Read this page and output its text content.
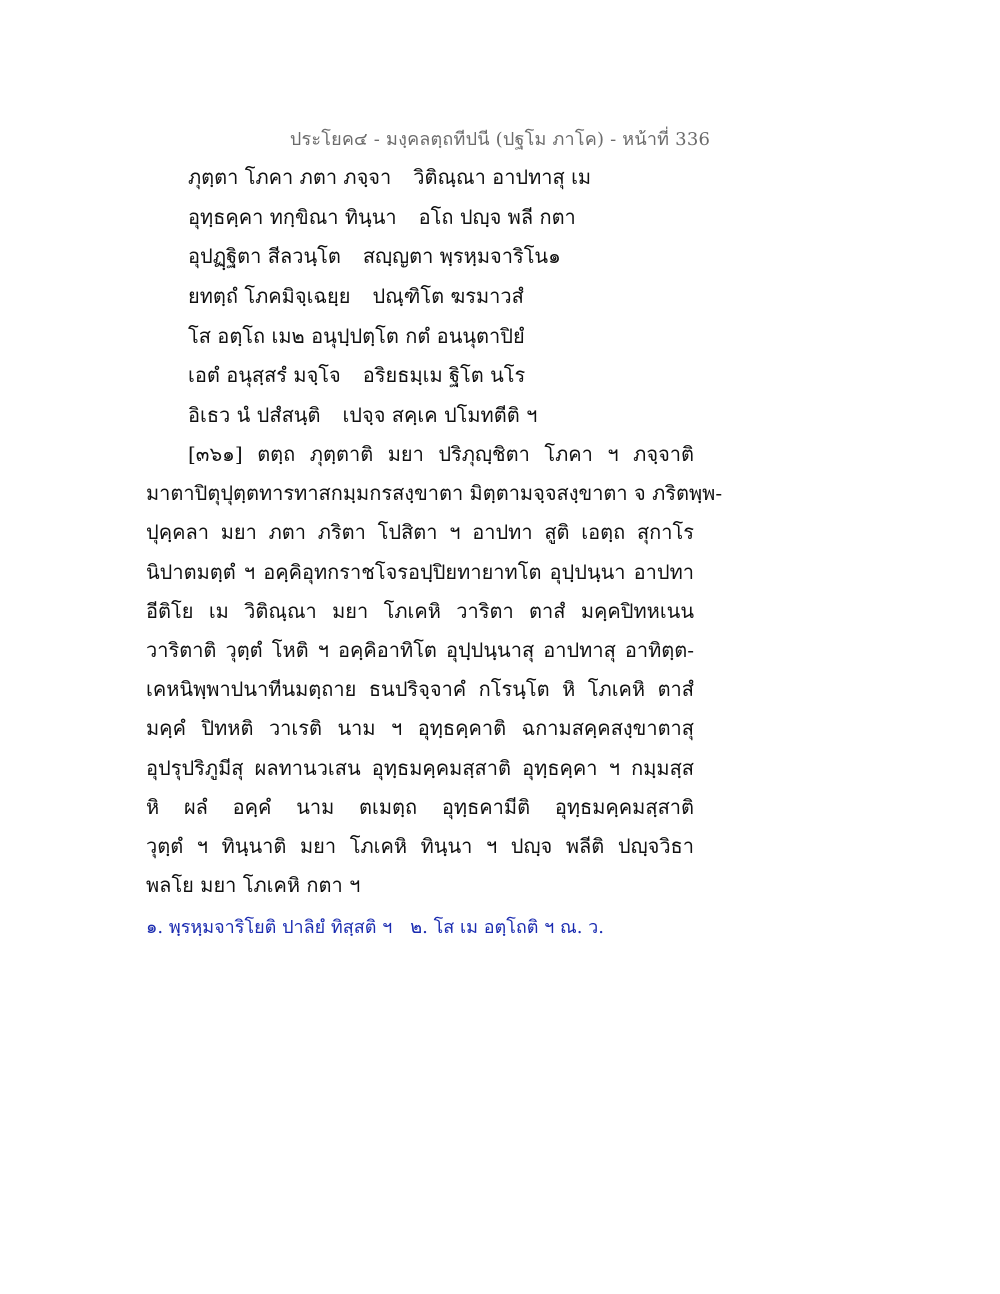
ประโยค๔ - มงฺคลตฺถทีปนี (ปฐโม ภาโค) - หน้าที่ 336
ภุตฺตา โภคา ภตา ภจฺจา วิติณฺณา อาปทาสุ เม
อุทฺธคฺคา ทกฺขิณา ทินฺนา อโถ ปญฺจ พลี กตา
อุปฏฺฐิตา สีลวนฺโต สญฺญตา พฺรหฺมจาริโน๑
ยทตฺถํ โภคมิจฺเฉยฺย ปณฺฑิโต ฆรมาวสํ
โส อตฺโถ เม๒ อนุปฺปตฺโต กตํ อนนุตาปิยํ
เอตํ อนุสฺสรํ มจฺโจ อริยธมฺเม ฐิโต นโร
อิเธว นํ ปสํสนฺติ เปจฺจ สคฺเค ปโมทตีติ ฯ
[๓๖๑] ตตฺถ ภุตฺตาติ มยา ปริภุญฺชิตา โภคา ฯ ภจฺจาติ
มาตาปิตุปุตฺตทารทาสกมฺมกรสงฺขาตา มิตฺตามจฺจสงฺขาตา จ ภริตพฺพ-
ปุคฺคลา มยา ภตา ภริตา โปสิตา ฯ อาปทา สูติ เอตฺถ สุกาโร
นิปาตมตฺตํ ฯ อคฺคิอุทกราชโจรอปฺปิยทายาทโต อุปฺปนฺนา อาปทา
อีติโย เม วิติณฺณา มยา โภเคหิ วาริตา ตาสํ มคฺคปิทหเนน
วาริตาติ วุตฺตํ โหติ ฯ อคฺคิอาทิโต อุปฺปนฺนาสุ อาปทาสุ อาทิตฺต-
เคหนิพฺพาปนาทีนมตฺถาย ธนปริจฺจาคํ กโรนฺโต หิ โภเคหิ ตาสํ
มคฺคํ ปิทหติ วาเรติ นาม ฯ อุทฺธคฺคาติ ฉกามสคฺคสงฺขาตาสุ
อุปรุปริภูมีสุ ผลทานวเสน อุทฺธมคฺคมสฺสาติ อุทฺธคฺคา ฯ กมฺมสฺส
หิ ผลํ อคฺคํ นาม ตเมตฺถ อุทฺธคามีติ อุทฺธมคฺคมสฺสาติ
วุตฺตํ ฯ ทินฺนาติ มยา โภเคหิ ทินฺนา ฯ ปญฺจ พลีติ ปญฺจวิธา
พลโย มยา โภเคหิ กตา ฯ
๑. พฺรหฺมจาริโยติ ปาลิยํ ทิสฺสติ ฯ ๒. โส เม อตฺโถติ ฯ ณ. ว.
